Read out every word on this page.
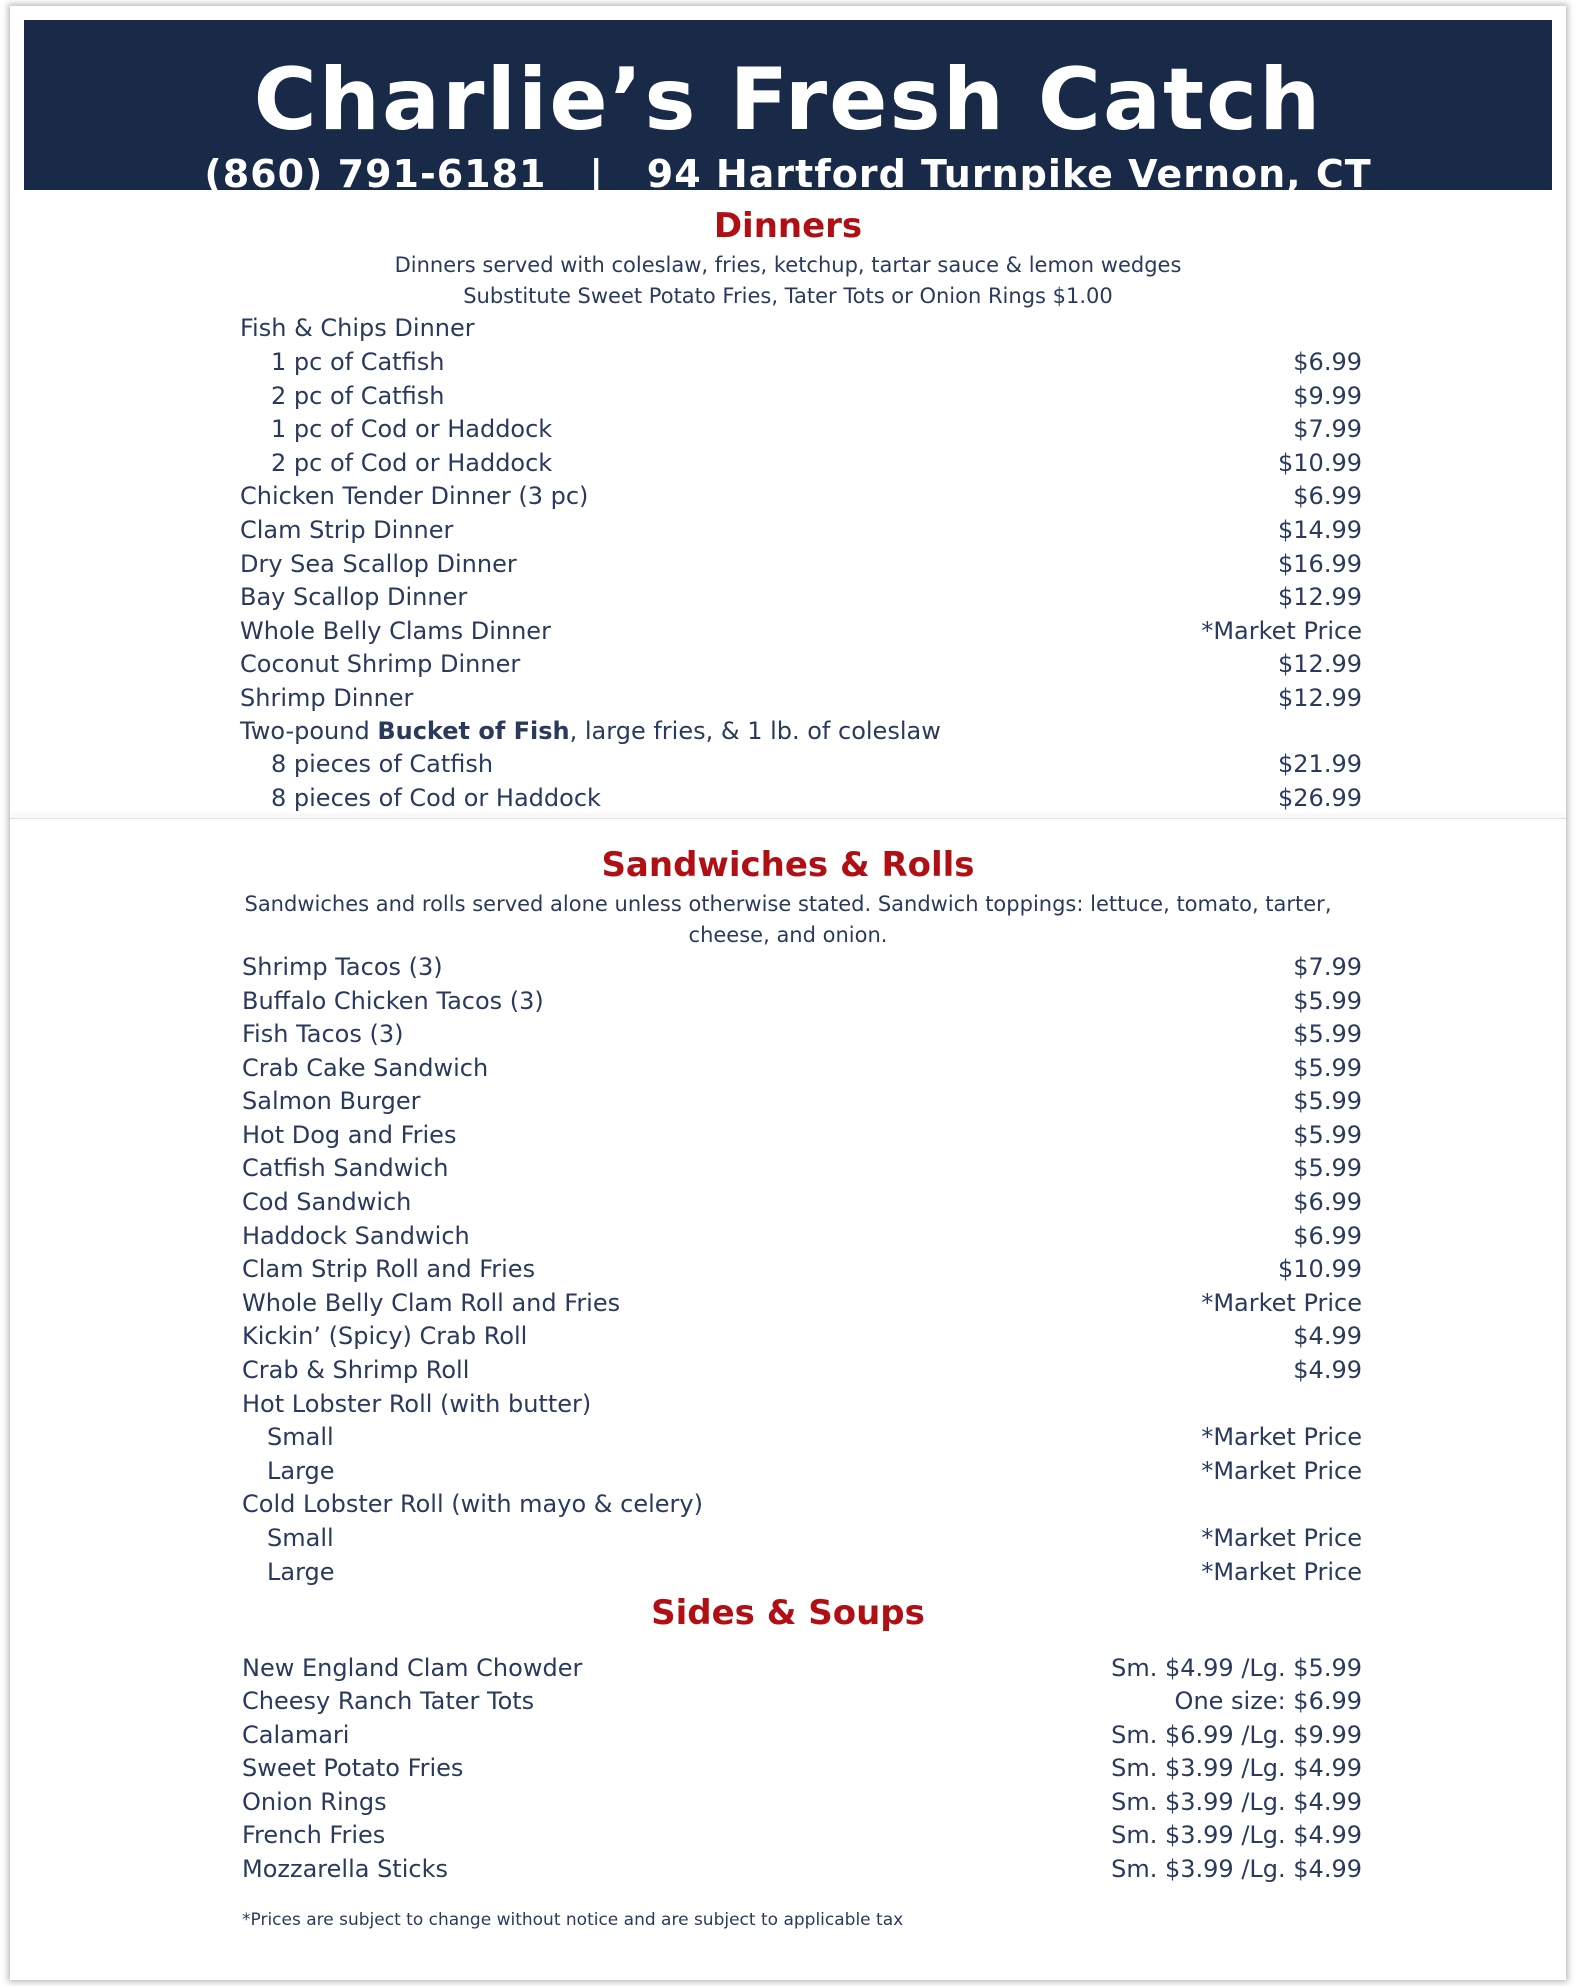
Charlie’s Fresh Catch
(860) 791-6181   |   94 Hartford Turnpike Vernon, CT
Dinners
Dinners served with coleslaw, fries, ketchup, tartar sauce & lemon wedges
Substitute Sweet Potato Fries, Tater Tots or Onion Rings $1.00
Fish & Chips Dinner
1 pc of Catfish	$6.99
2 pc of Catfish	$9.99
1 pc of Cod or Haddock	$7.99
2 pc of Cod or Haddock	$10.99
Chicken Tender Dinner (3 pc)	$6.99
Clam Strip Dinner	$14.99
Dry Sea Scallop Dinner	$16.99
Bay Scallop Dinner	$12.99
Whole Belly Clams Dinner	*Market Price
Coconut Shrimp Dinner	$12.99
Shrimp Dinner	$12.99
Two-pound Bucket of Fish, large fries, & 1 lb. of coleslaw
8 pieces of Catfish	$21.99
8 pieces of Cod or Haddock	$26.99
Sandwiches & Rolls
Sandwiches and rolls served alone unless otherwise stated. Sandwich toppings: lettuce, tomato, tarter,
cheese, and onion.
Shrimp Tacos (3)	$7.99
Buffalo Chicken Tacos (3)	$5.99
Fish Tacos (3)	$5.99
Crab Cake Sandwich	$5.99
Salmon Burger	$5.99
Hot Dog and Fries	$5.99
Catfish Sandwich	$5.99
Cod Sandwich	$6.99
Haddock Sandwich	$6.99
Clam Strip Roll and Fries	$10.99
Whole Belly Clam Roll and Fries	*Market Price
Kickin’ (Spicy) Crab Roll	$4.99
Crab & Shrimp Roll	$4.99
Hot Lobster Roll (with butter)
Small	*Market Price
Large	*Market Price
Cold Lobster Roll (with mayo & celery)
Small	*Market Price
Large	*Market Price
Sides & Soups
New England Clam Chowder	Sm. $4.99 /Lg. $5.99
Cheesy Ranch Tater Tots	One size: $6.99
Calamari	Sm. $6.99 /Lg. $9.99
Sweet Potato Fries	Sm. $3.99 /Lg. $4.99
Onion Rings	Sm. $3.99 /Lg. $4.99
French Fries	Sm. $3.99 /Lg. $4.99
Mozzarella Sticks	Sm. $3.99 /Lg. $4.99
*Prices are subject to change without notice and are subject to applicable tax
